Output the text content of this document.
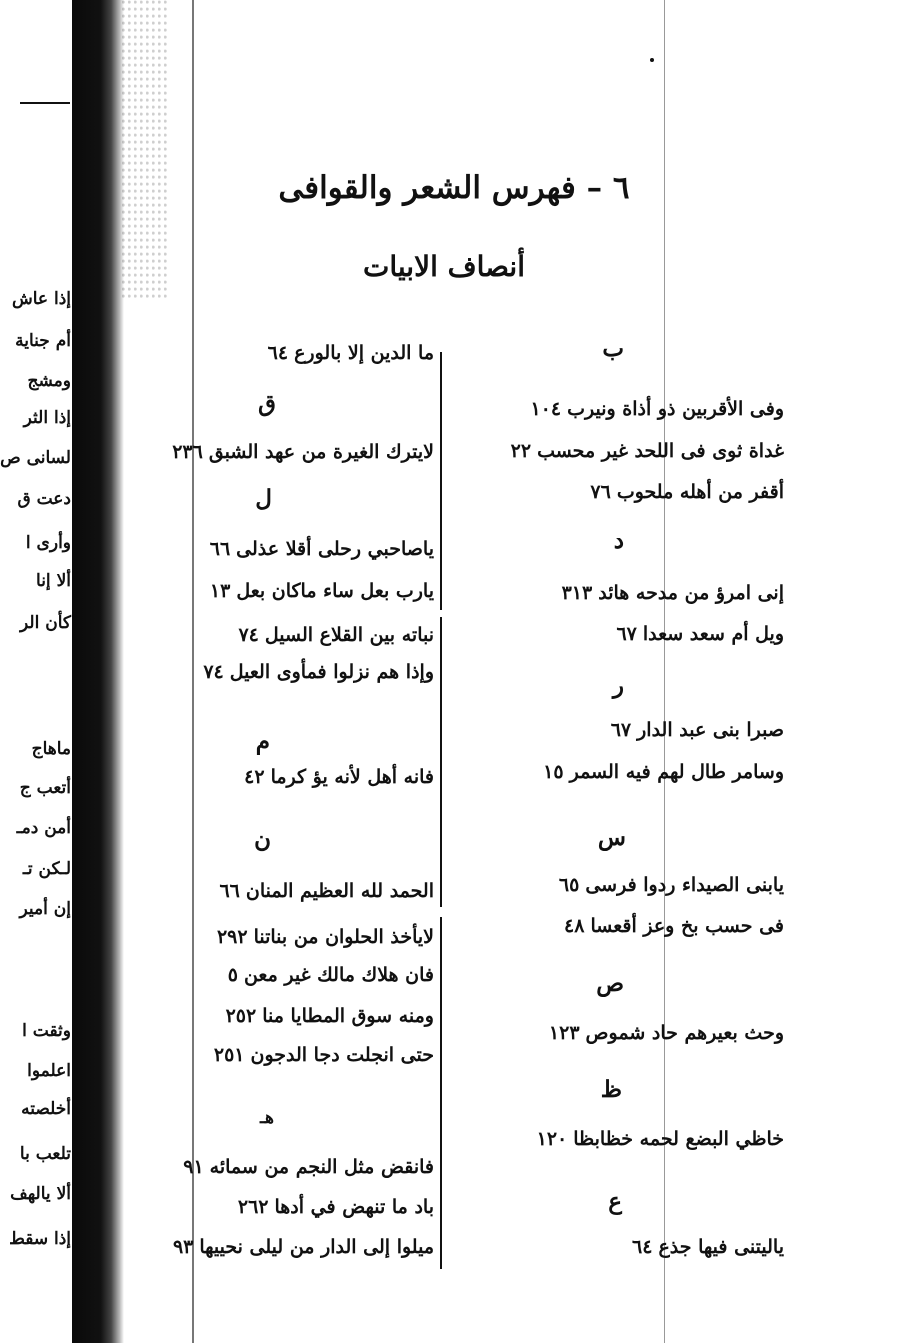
إذا عاش
أم جناية
ومشج
إذا الثر
لسانى ص
دعت ق
وأرى ا
ألا إنا
كأن الر
ماهاج
أتعب ج
أمن دمـ
لـكن تـ
إن أمير
وثقت ا
اعلموا
أخلصته
تلعب با
ألا يالهف
إذا سقط
٦ – فهرس الشعر والقوافى
أنصاف الابيات
ب
وفى الأقربين ذو أذاة ونيرب١٠٤
غداة ثوى فى اللحد غير محسب٢٢
أقفر من أهله ملحوب٧٦
د
إنى امرؤ من مدحه هائد٣١٣
ويل أم سعد سعدا٦٧
ر
صبرا بنى عبد الدار٦٧
وسامر طال لهم فيه السمر١٥
س
يابنى الصيداء ردوا فرسى٦٥
فى حسب بخ وعز أقعسا٤٨
ص
وحث بعيرهم حاد شموص١٢٣
ظ
خاظي البضع لحمه خظابظا١٢٠
ع
ياليتنى فيها جذع٦٤
ما الدين إلا بالورع٦٤
ق
لايترك الغيرة من عهد الشبق٢٣٦
ل
ياصاحبي رحلى أقلا عذلى٦٦
يارب بعل ساء ماكان بعل١٣
نباته بين القلاع السيل٧٤
وإذا هم نزلوا فمأوى العيل٧٤
م
فانه أهل لأنه يؤ كرما٤٢
ن
الحمد لله العظيم المنان٦٦
لايأخذ الحلوان من بناتنا٢٩٢
فان هلاك مالك غير معن٥
ومنه سوق المطايا منا٢٥٢
حتى انجلت دجا الدجون٢٥١
هـ
فانقض مثل النجم من سمائه٩١
باد ما تنهض في أدها٢٦٢
ميلوا إلى الدار من ليلى نحييها٩٣
